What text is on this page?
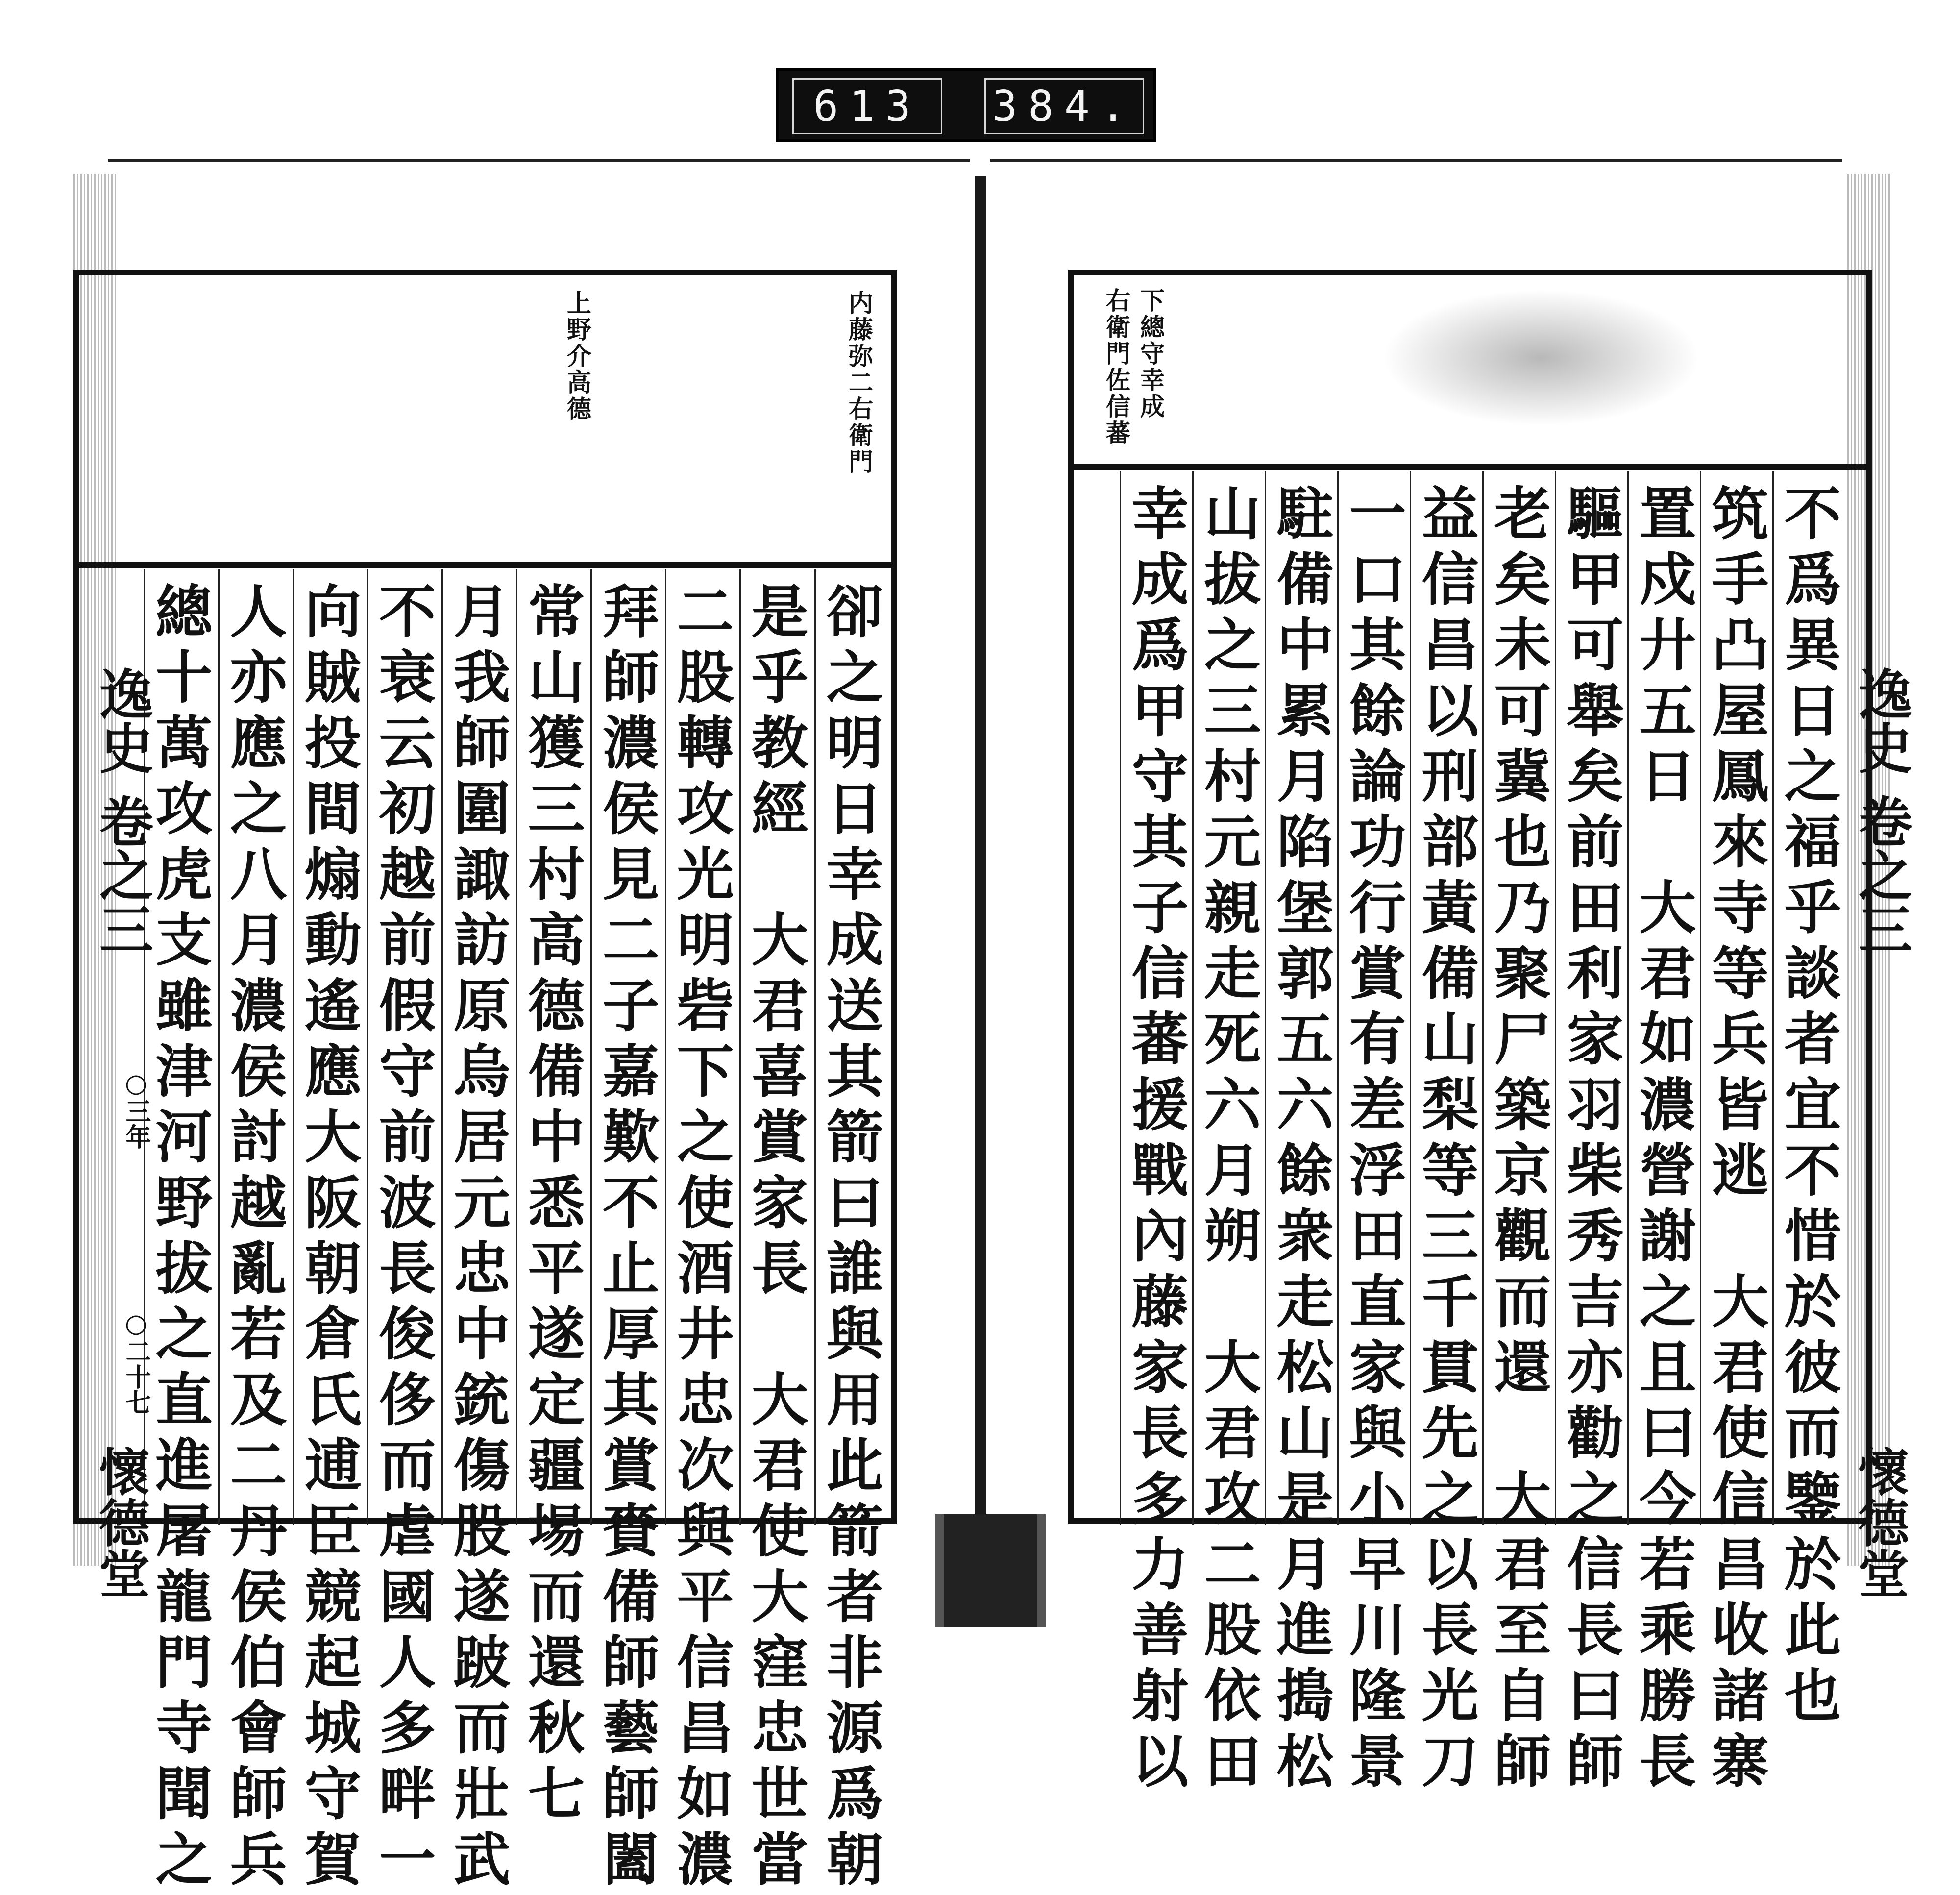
613	384.
内藤弥二右衛門
上野介高德
卻之明日幸成送其箭曰誰與用此箭者非源爲朝
是乎教經　大君喜賞家長　大君使大窪忠世當
二股轉攻光明砦下之使酒井忠次與平信昌如濃
拜師濃侯見二子嘉歎不止厚其賞賚備師藝師闔
常山獲三村高德備中悉平遂定疆埸而還秋七
月我師圍諏訪原烏居元忠中銃傷股遂跛而壯武
不衰云初越前假守前波長俊侈而虐國人多畔一
向賊投間煽動遙應大阪朝倉氏逋臣競起城守賀
人亦應之八月濃侯討越亂若及二丹侯伯會師兵
總十萬攻虎支雖津河野拔之直進屠龍門寺聞之
逸史
卷之三
○三年
○二十七
懷德堂
下總守幸成
右衛門佐信蕃
不爲異日之福乎談者宜不惜於彼而鑒於此也
筑手凸屋鳳來寺等兵皆逃　大君使信昌收諸寨
置戍廾五日　大君如濃營謝之且曰今若乘勝長
驅甲可舉矣前田利家羽柴秀吉亦勸之信長曰師
老矣未可冀也乃聚尸築京觀而還　大君至自師
益信昌以刑部黃備山梨等三千貫先之以長光刀
一口其餘論功行賞有差浮田直家與小早川隆景
駐備中累月陷堡郭五六餘衆走松山是月進搗松
山拔之三村元親走死六月朔　大君攻二股依田
幸成爲甲守其子信蕃援戰內藤家長多力善射以	逸史
卷之三
懷德堂
